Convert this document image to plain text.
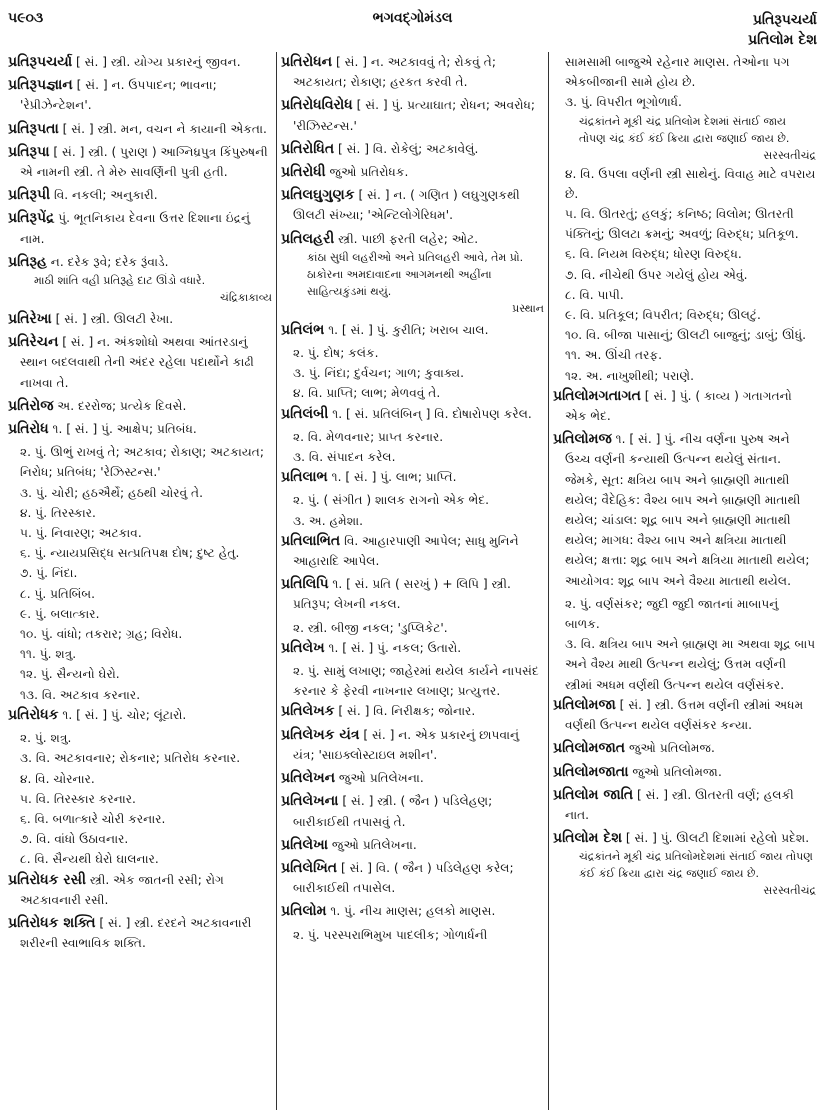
૫૯૦૩	ભગવદ્ગોમંડલ	પ્રતિરૂપચર્યા
પ્રતિલોમ દેશ
પ્રતિરૂપચર્યા [ સં. ] સ્ત્રી. યોગ્ય પ્રકારનું જીવન.
પ્રતિરૂપજ્ઞાન [ સં. ] ન. ઉપપાદન; ભાવના; 'રેપ્રીઝેન્ટેશન'.
પ્રતિરૂપતા [ સં. ] સ્ત્રી. મન, વચન ને કાયાની એકતા.
પ્રતિરૂપા [ સં. ] સ્ત્રી. ( પુરાણ ) આગ્નિધ્રપુત્ર કિંપુરુષની એ નામની સ્ત્રી. તે મેરુ સાવર્ણિની પુત્રી હતી.
પ્રતિરૂપી વિ. નકલી; અનુકારી.
પ્રતિરૂપેંદ્ર પું. ભૂતનિકાય દેવના ઉત્તર દિશાના ઇંદ્રનું નામ.
પ્રતિરૂહ ન. દરેક રૂવે; દરેક રૂંવાડે.
માઠી શાંતિ વહી પ્રતિરૂહે દાટ ઊંડો વધારે.
ચંદ્રિકાકાવ્ય
પ્રતિરેખા [ સં. ] સ્ત્રી. ઊલટી રેખા.
પ્રતિરેચન [ સં. ] ન. અંકશોધો અથવા આંતરડાનું સ્થાન બદલવાથી તેની અંદર રહેલા પદાર્થોને કાઢી નાખવા તે.
પ્રતિરોજ અ. દરરોજ; પ્રત્યેક દિવસે.
પ્રતિરોધ ૧. [ સં. ] પું. આક્ષેપ; પ્રતિબંધ.
૨. પું. ઊભું રાખવું તે; અટકાવ; રોકાણ; અટકાયત; નિરોધ; પ્રતિબંધ; 'રેઝિસ્ટન્સ.'
૩. પું. ચોરી; હઠઐર્થે; હઠથી ચોરવું તે.
૪. પું. તિરસ્કાર.
૫. પું. નિવારણ; અટકાવ.
૬. પું. ન્યાયપ્રસિદ્ધ સત્પ્રતિપક્ષ દોષ; દુષ્ટ હેતુ.
૭. પું. નિંદા.
૮. પું. પ્રતિબિંબ.
૯. પું. બલાત્કાર.
૧૦. પું. વાંધો; તકરાર; ગ્રહ; વિરોધ.
૧૧. પું. શત્રુ.
૧૨. પું. સૈન્યનો ઘેરો.
૧૩. વિ. અટકાવ કરનાર.
પ્રતિરોધક ૧. [ સં. ] પું. ચોર; લૂંટારો.
૨. પું. શત્રુ.
૩. વિ. અટકાવનાર; રોકનાર; પ્રતિરોધ કરનાર.
૪. વિ. ચોરનાર.
૫. વિ. તિરસ્કાર કરનાર.
૬. વિ. બળાત્કારે ચોરી કરનાર.
૭. વિ. વાંધો ઉઠાવનાર.
૮. વિ. સૈન્યથી ઘેરો ઘાલનાર.
પ્રતિરોધક રસી સ્ત્રી. એક જાતની રસી; રોગ અટકાવનારી રસી.
પ્રતિરોધક શક્તિ [ સં. ] સ્ત્રી. દરદને અટકાવનારી શરીરની સ્વાભાવિક શક્તિ.
પ્રતિરોધન [ સં. ] ન. અટકાવવું તે; રોકવું તે; અટકાયત; રોકાણ; હરકત કરવી તે.
પ્રતિરોધવિરોધ [ સં. ] પું. પ્રત્યાઘાત; રોધન; અવરોધ; 'રીઝિસ્ટન્સ.'
પ્રતિરોધિત [ સં. ] વિ. રોકેલું; અટકાવેલું.
પ્રતિરોધી જુઓ પ્રતિરોધક.
પ્રતિલઘુગુણક [ સં. ] ન. ( ગણિત ) લઘુગુણકથી ઊલટી સંખ્યા; 'એન્ટિલોગેરિધમ'.
પ્રતિલહરી સ્ત્રી. પાછી ફરતી લહેર; ઓટ.
કાંઠા સુધી લહરીઓ અને પ્રતિલહરી આવે, તેમ પ્રો. ઠાકોરના અમદાવાદના આગમનથી અહીંના સાહિત્યકુંડમાં થયું.
પ્રસ્થાન
પ્રતિલંભ ૧. [ સં. ] પું. કુરીતિ; ખરાબ ચાલ.
૨. પું. દોષ; કલંક.
૩. પું. નિંદા; દુર્વચન; ગાળ; કુવાક્ય.
૪. વિ. પ્રાપ્તિ; લાભ; મેળવવું તે.
પ્રતિલંબી ૧. [ સં. પ્રતિલંબિન્ ] વિ. દોષારોપણ કરેલ.
૨. વિ. મેળવનાર; પ્રાપ્ત કરનાર.
૩. વિ. સંપાદન કરેલ.
પ્રતિલાભ ૧. [ સં. ] પું. લાભ; પ્રાપ્તિ.
૨. પું. ( સંગીત ) શાલક રાગનો એક ભેદ.
૩. અ. હમેશા.
પ્રતિલાભિત વિ. આહારપાણી આપેલ; સાધુ મુનિને આહારાદિ આપેલ.
પ્રતિલિપિ ૧. [ સં. પ્રતિ ( સરખું ) + લિપિ ] સ્ત્રી. પ્રતિરૂપ; લેખની નકલ.
૨. સ્ત્રી. બીજી નકલ; 'ડુપ્લિકેટ'.
પ્રતિલેખ ૧. [ સં. ] પું. નકલ; ઉતારો.
૨. પું. સામું લખાણ; જાહેરમાં થયેલ કાર્યને નાપસંદ કરનાર કે ફેરવી નાખનાર લખાણ; પ્રત્યુત્તર.
પ્રતિલેખક [ સં. ] વિ. નિરીક્ષક; જોનાર.
પ્રતિલેખક યંત્ર [ સં. ] ન. એક પ્રકારનું છાપવાનું યંત્ર; 'સાઇક્લોસ્ટાઇલ મશીન'.
પ્રતિલેખન જુઓ પ્રતિલેખના.
પ્રતિલેખના [ સં. ] સ્ત્રી. ( જૈન ) પડિલેહણ; બારીકાઈથી તપાસવું તે.
પ્રતિલેખા જુઓ પ્રતિલેખના.
પ્રતિલેખિત [ સં. ] વિ. ( જૈન ) પડિલેહણ કરેલ; બારીકાઈથી તપાસેલ.
પ્રતિલોમ ૧. પું. નીચ માણસ; હલકો માણસ.
૨. પું. પરસ્પરાભિમુખ પાદલીક; ગોળાર્ધની
સામસામી બાજુએ રહેનાર માણસ. તેઓના પગ એકબીજાની સામે હોય છે.
૩. પું. વિપરીત ભૂગોળાર્ધ.
ચંદ્રકાંતને મૂકી ચંદ્ર પ્રતિલોમ દેશમાં સંતાઈ જાય તોપણ ચંદ્ર કંઈ કંઈ ક્રિયા દ્વારા જણાઈ જાય છે.
સરસ્વતીચંદ્ર
૪. વિ. ઉપલા વર્ણની સ્ત્રી સાથેનું. વિવાહ માટે વપરાય છે.
૫. વિ. ઊતરતું; હલકું; કનિષ્ઠ; વિલોમ; ઊતરતી પંક્તિનું; ઊલટા ક્રમનું; અવળું; વિરુદ્ધ; પ્રતિકૂળ.
૬. વિ. નિયમ વિરુદ્ધ; ધોરણ વિરુદ્ધ.
૭. વિ. નીચેથી ઉપર ગયેલું હોય એવું.
૮. વિ. પાપી.
૯. વિ. પ્રતિકૂલ; વિપરીત; વિરુદ્ધ; ઊલટું.
૧૦. વિ. બીજા પાસાનું; ઊલટી બાજુનું; ડાબું; ઊંધું.
૧૧. અ. ઊંચી તરફ.
૧૨. અ. નાખુશીથી; પરાણે.
પ્રતિલોમગતાગત [ સં. ] પું. ( કાવ્ય ) ગતાગતનો એક ભેદ.
પ્રતિલોમજ ૧. [ સં. ] પું. નીચ વર્ણના પુરુષ અને ઉચ્ચ વર્ણની કન્યાથી ઉત્પન્ન થયેલું સંતાન. જેમકે, સૂત: ક્ષત્રિય બાપ અને બ્રાહ્મણી માતાથી થયેલ; વૈદેહિક: વૈશ્ય બાપ અને બ્રાહ્મણી માતાથી થયેલ; ચાંડાલ: શૂદ્ર બાપ અને બ્રાહ્મણી માતાથી થયેલ; માગધ: વૈશ્ય બાપ અને ક્ષત્રિયા માતાથી થયેલ; ક્ષત્તા: શૂદ્ર બાપ અને ક્ષત્રિયા માતાથી થયેલ; આયોગવ: શૂદ્ર બાપ અને વૈશ્યા માતાથી થયેલ.
૨. પું. વર્ણસંકર; જુદી જુદી જાતનાં માબાપનું બાળક.
૩. વિ. ક્ષત્રિય બાપ અને બ્રાહ્મણ મા અથવા શૂદ્ર બાપ અને વૈશ્ય માથી ઉત્પન્ન થયેલું; ઉત્તમ વર્ણની સ્ત્રીમાં અધમ વર્ણથી ઉત્પન્ન થયેલ વર્ણસંકર.
પ્રતિલોમજા [ સં. ] સ્ત્રી. ઉત્તમ વર્ણની સ્ત્રીમાં અધમ વર્ણથી ઉત્પન્ન થયેલ વર્ણસંકર કન્યા.
પ્રતિલોમજાત જુઓ પ્રતિલોમજ.
પ્રતિલોમજાતા જુઓ પ્રતિલોમજા.
પ્રતિલોમ જાતિ [ સં. ] સ્ત્રી. ઊતરતી વર્ણ; હલકી નાત.
પ્રતિલોમ દેશ [ સં. ] પું. ઊલટી દિશામાં રહેલો પ્રદેશ.
ચંદ્રકાંતને મૂકી ચંદ્ર પ્રતિલોમદેશમાં સંતાઈ જાય તોપણ કંઈ કંઈ ક્રિયા દ્વારા ચંદ્ર જણાઈ જાય છે.
સરસ્વતીચંદ્ર
